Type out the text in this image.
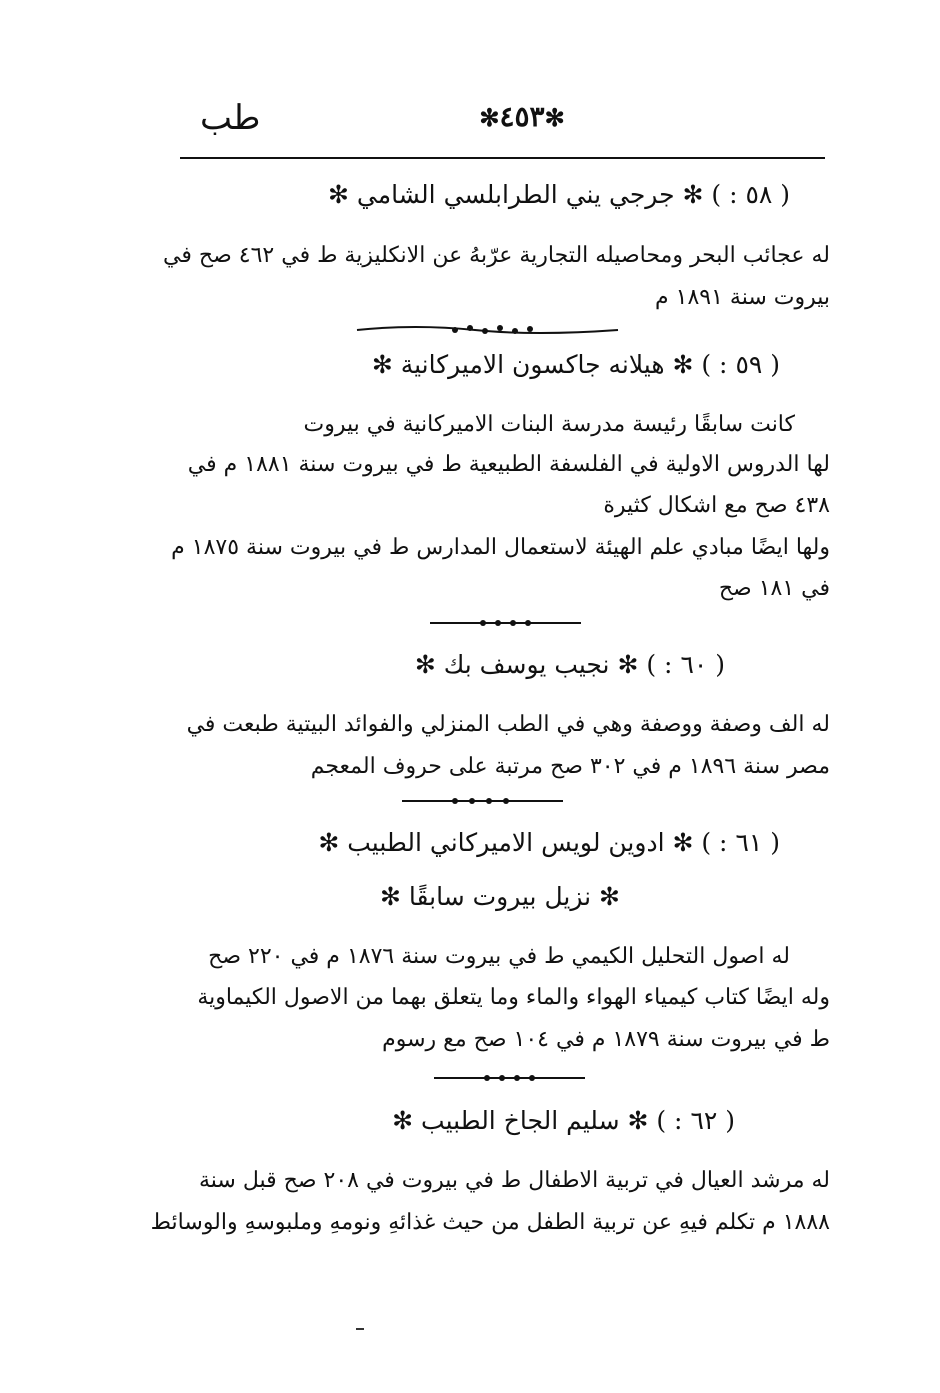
طب	✻٤٥٣✻
( ٥٨ : ) ✻ جرجي يني الطرابلسي الشامي ✻
له عجائب البحر ومحاصيله التجارية عرّبهُ عن الانكليزية ط في ٤٦٢ صح في
بيروت سنة ١٨٩١ م
( ٥٩ : ) ✻ هيلانه جاكسون الاميركانية ✻
كانت سابقًا رئيسة مدرسة البنات الاميركانية في بيروت
لها الدروس الاولية في الفلسفة الطبيعية ط في بيروت سنة ١٨٨١ م في
٤٣٨ صح مع اشكال كثيرة
ولها ايضًا مبادي علم الهيئة لاستعمال المدارس ط في بيروت سنة ١٨٧٥ م
في ١٨١ صح
( ٦٠ : ) ✻ نجيب يوسف بك ✻
له الف وصفة ووصفة وهي في الطب المنزلي والفوائد البيتية طبعت في
مصر سنة ١٨٩٦ م في ٣٠٢ صح مرتبة على حروف المعجم
( ٦١ : ) ✻ ادوين لويس الاميركاني الطبيب ✻
✻ نزيل بيروت سابقًا ✻
له اصول التحليل الكيمي ط في بيروت سنة ١٨٧٦ م في ٢٢٠ صح
وله ايضًا كتاب كيمياء الهواء والماء وما يتعلق بهما من الاصول الكيماوية
ط في بيروت سنة ١٨٧٩ م في ١٠٤ صح مع رسوم
( ٦٢ : ) ✻ سليم الجاخ الطبيب ✻
له مرشد العيال في تربية الاطفال ط في بيروت في ٢٠٨ صح قبل سنة
١٨٨٨ م تكلم فيهِ عن تربية الطفل من حيث غذائهِ ونومهِ وملبوسهِ والوسائط
